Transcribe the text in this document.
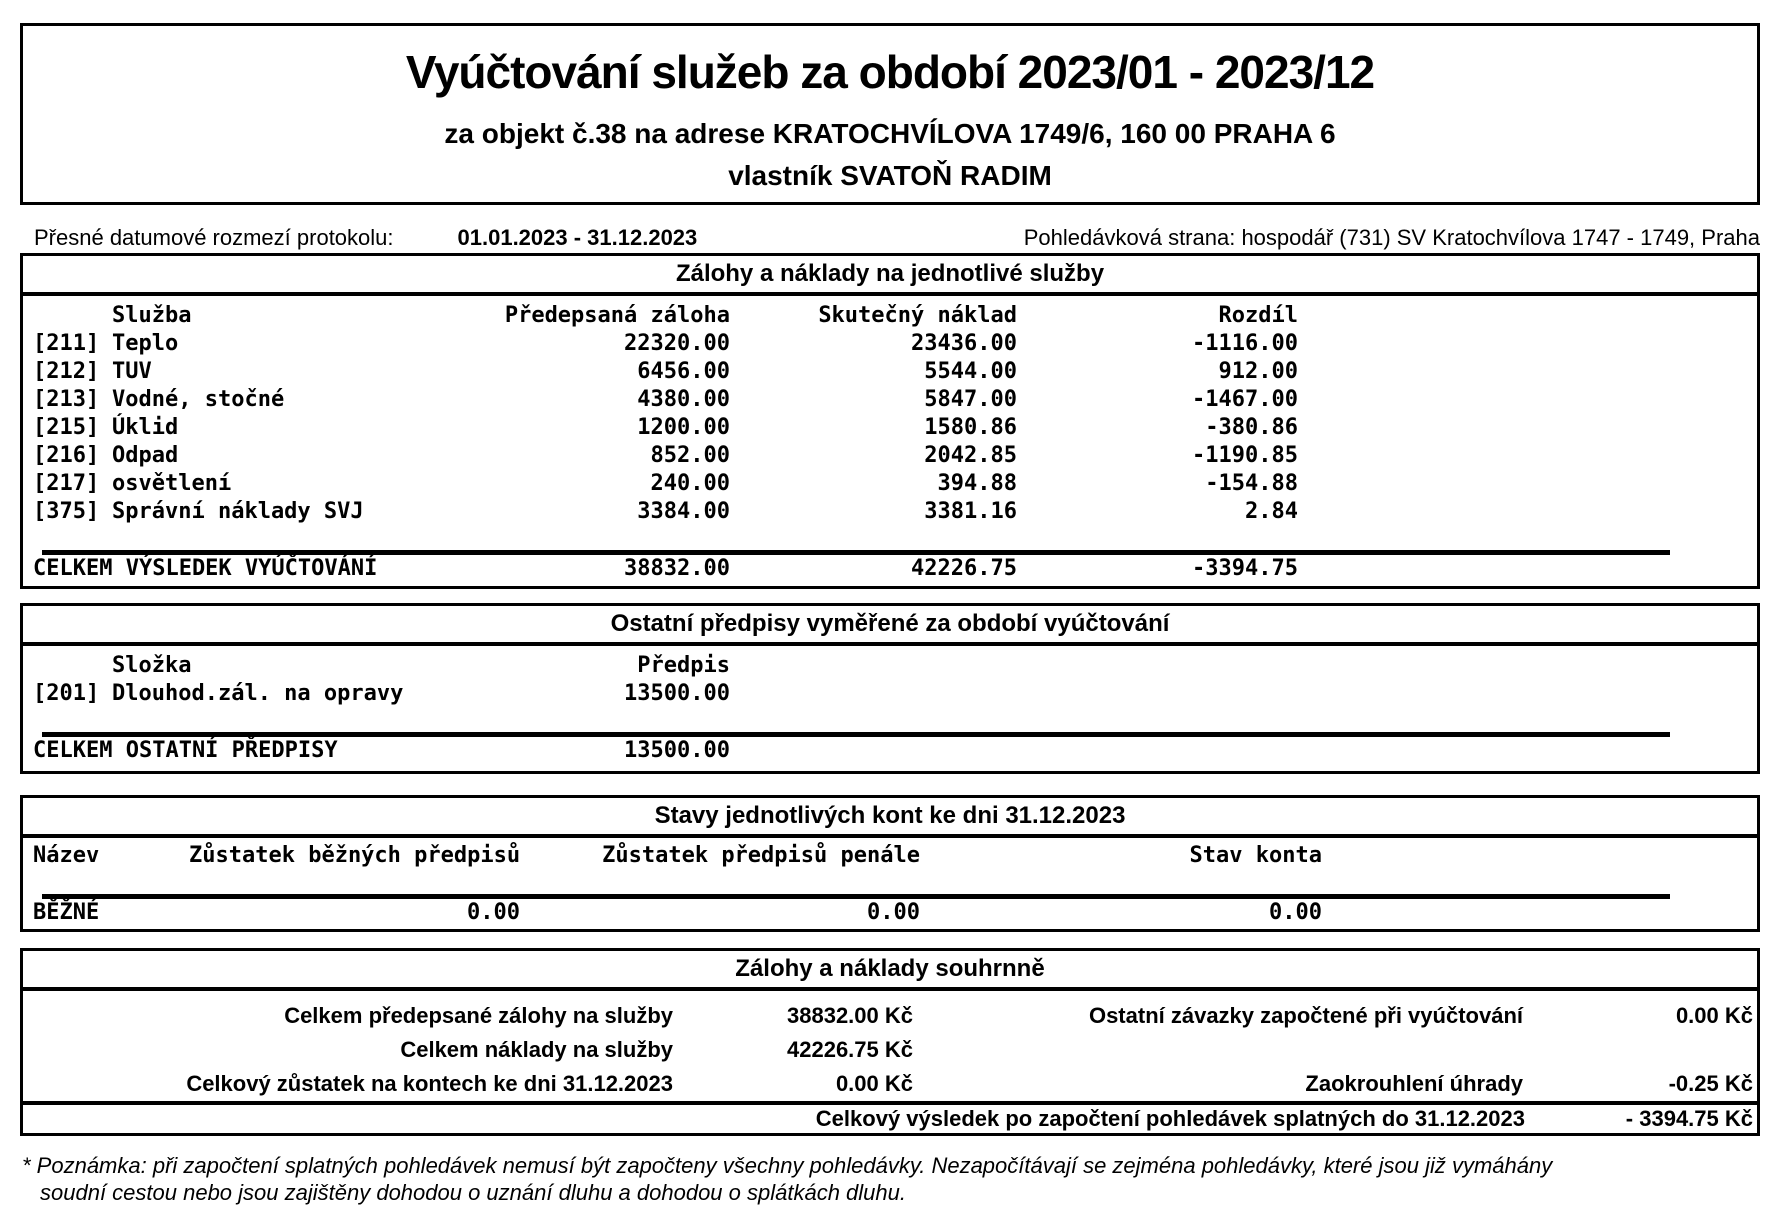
Vyúčtování služeb za období 2023/01 - 2023/12
za objekt č.38 na adrese KRATOCHVÍLOVA 1749/6, 160 00 PRAHA 6
vlastník SVATOŇ RADIM
Přesné datumové rozmezí protokolu:	01.01.2023 - 31.12.2023	Pohledávková strana: hospodář (731) SV Kratochvílova 1747 - 1749, Praha
Zálohy a náklady na jednotlivé služby
Služba	Předepsaná záloha	Skutečný náklad	Rozdíl
[211] Teplo	22320.00	23436.00	-1116.00
[212] TUV	6456.00	5544.00	912.00
[213] Vodné, stočné	4380.00	5847.00	-1467.00
[215] Úklid	1200.00	1580.86	-380.86
[216] Odpad	852.00	2042.85	-1190.85
[217] osvětlení	240.00	394.88	-154.88
[375] Správní náklady SVJ	3384.00	3381.16	2.84
CELKEM VÝSLEDEK VYÚČTOVÁNÍ	38832.00	42226.75	-3394.75
Ostatní předpisy vyměřené za období vyúčtování
Složka	Předpis
[201] Dlouhod.zál. na opravy	13500.00
CELKEM OSTATNÍ PŘEDPISY	13500.00
Stavy jednotlivých kont ke dni 31.12.2023
Název	Zůstatek běžných předpisů	Zůstatek předpisů penále	Stav konta
BĚŽNÉ	0.00	0.00	0.00
Zálohy a náklady souhrnně
Celkem předepsané zálohy na služby	38832.00 Kč	Ostatní závazky započtené při vyúčtování	0.00 Kč
Celkem náklady na služby	42226.75 Kč
Celkový zůstatek na kontech ke dni 31.12.2023	0.00 Kč	Zaokrouhlení úhrady	-0.25 Kč
Celkový výsledek po započtení pohledávek splatných do 31.12.2023	- 3394.75 Kč
* Poznámka: při započtení splatných pohledávek nemusí být započteny všechny pohledávky. Nezapočítávají se zejména pohledávky, které jsou již vymáhány
soudní cestou nebo jsou zajištěny dohodou o uznání dluhu a dohodou o splátkách dluhu.
